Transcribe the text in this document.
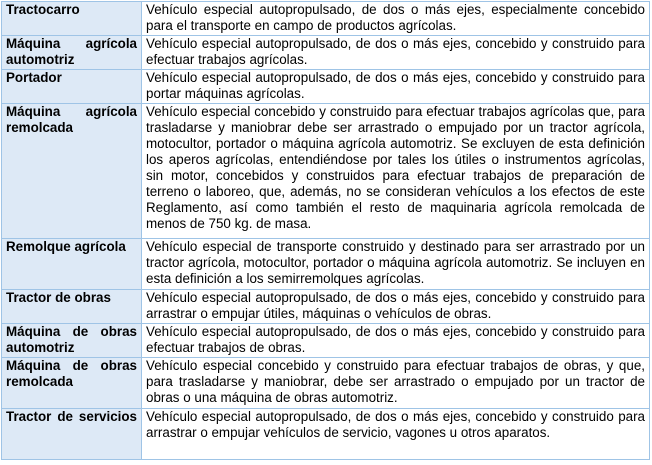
Tractocarro	Vehículo especial autopropulsado, de dos o más ejes, especialmente concebido para el transporte en campo de productos agrícolas.
Máquina agrícola automotriz	Vehículo especial autopropulsado, de dos o más ejes, concebido y construido para efectuar trabajos agrícolas.
Portador	Vehículo especial autopropulsado, de dos o más ejes, concebido y construido para portar máquinas agrícolas.
Máquina agrícola remolcada	Vehículo especial concebido y construido para efectuar trabajos agrícolas que, para trasladarse y maniobrar debe ser arrastrado o empujado por un tractor agrícola, motocultor, portador o máquina agrícola automotriz. Se excluyen de esta definición los aperos agrícolas, entendiéndose por tales los útiles o instrumentos agrícolas, sin motor, concebidos y construidos para efectuar trabajos de preparación de terreno o laboreo, que, además, no se consideran vehículos a los efectos de este Reglamento, así como también el resto de maquinaria agrícola remolcada de menos de 750 kg. de masa.
Remolque agrícola	Vehículo especial de transporte construido y destinado para ser arrastrado por un tractor agrícola, motocultor, portador o máquina agrícola automotriz. Se incluyen en esta definición a los semirremolques agrícolas.
Tractor de obras	Vehículo especial autopropulsado, de dos o más ejes, concebido y construido para arrastrar o empujar útiles, máquinas o vehículos de obras.
Máquina de obras automotriz	Vehículo especial autopropulsado, de dos o más ejes, concebido y construido para efectuar trabajos de obras.
Máquina de obras remolcada	Vehículo especial concebido y construido para efectuar trabajos de obras, y que, para trasladarse y maniobrar, debe ser arrastrado o empujado por un tractor de obras o una máquina de obras automotriz.
Tractor de servicios	Vehículo especial autopropulsado, de dos o más ejes, concebido y construido para arrastrar o empujar vehículos de servicio, vagones u otros aparatos.
